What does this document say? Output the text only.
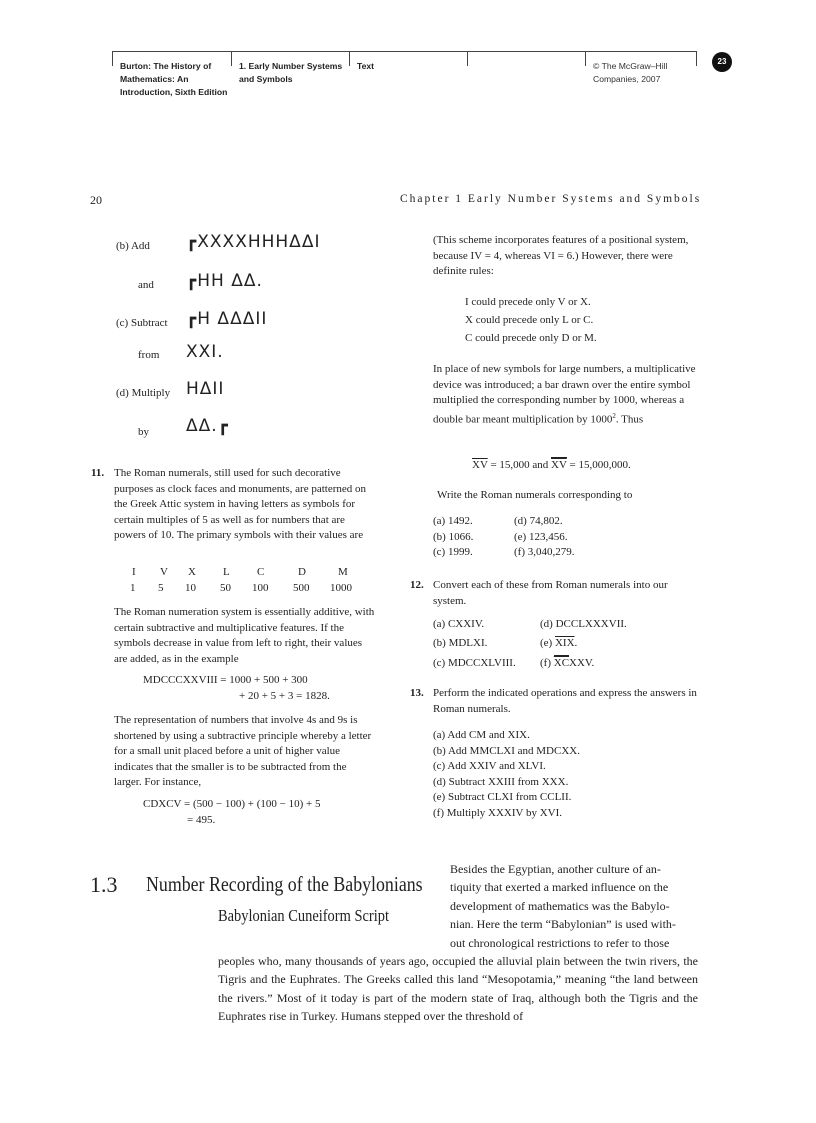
Burton: The History of
Mathematics: An
Introduction, Sixth Edition
1. Early Number Systems
and Symbols
Text	© The McGraw–Hill
Companies, 2007
23
20	Chapter 1 Early Number Systems and Symbols
(b) Add ┏XXXXHHHΔΔI
and ┏HH ΔΔ.
(c) Subtract ┏H ΔΔΔII
from XXI.
(d) Multiply HΔII
by ΔΔ.┏
11. The Roman numerals, still used for such decorative purposes as clock faces and monuments, are patterned on the Greek Attic system in having letters as symbols for certain multiples of 5 as well as for numbers that are powers of 10. The primary symbols with their values are
I V X L C	D	M
1 5 10 50 100 500 1000
The Roman numeration system is essentially additive, with certain subtractive and multiplicative features. If the symbols decrease in value from left to right, their values are added, as in the example
MDCCCXXVIII = 1000 + 500 + 300
+ 20 + 5 + 3 = 1828.
The representation of numbers that involve 4s and 9s is shortened by using a subtractive principle whereby a letter for a small unit placed before a unit of higher value indicates that the smaller is to be subtracted from the larger. For instance,
CDXCV = (500 − 100) + (100 − 10) + 5
= 495.
(This scheme incorporates features of a positional system, because IV = 4, whereas VI = 6.) However, there were definite rules:
I could precede only V or X.
X could precede only L or C.
C could precede only D or M.
In place of new symbols for large numbers, a multiplicative device was introduced; a bar drawn over the entire symbol multiplied the corresponding number by 1000, whereas a double bar meant multiplication by 1000$^2$. Thus
$\overline{XV} = 15,000$ and $\overline{XV} = 15,000,000$.
Write the Roman numerals corresponding to
(a) 1492.
(b) 1066.
(c) 1999.
(d) 74,802.
(e) 123,456.
(f) 3,040,279.
12. Convert each of these from Roman numerals into our system.
(a) CXXIV.
(b) MDLXI.
(c) MDCCXLVIII.
(d) DCCLXXXVII.
(e) $\overline{XIX}$.
(f) $\overline{XC}XXV$.
13. Perform the indicated operations and express the answers in Roman numerals.
(a) Add CM and XIX.
(b) Add MMCLXI and MDCXX.
(c) Add XXIV and XLVI.
(d) Subtract XXIII from XXX.
(e) Subtract CLXI from CCLII.
(f) Multiply XXXIV by XVI.
1.3 Number Recording of the Babylonians
Babylonian Cuneiform Script
Besides the Egyptian, another culture of an-
tiquity that exerted a marked influence on the
development of mathematics was the Babylo-
nian. Here the term “Babylonian” is used with-
out chronological restrictions to refer to those
peoples who, many thousands of years ago, occupied the alluvial plain between the twin rivers, the Tigris and the Euphrates. The Greeks called this land “Mesopotamia,” meaning “the land between the rivers.” Most of it today is part of the modern state of Iraq, although both the Tigris and the Euphrates rise in Turkey. Humans stepped over the threshold of
